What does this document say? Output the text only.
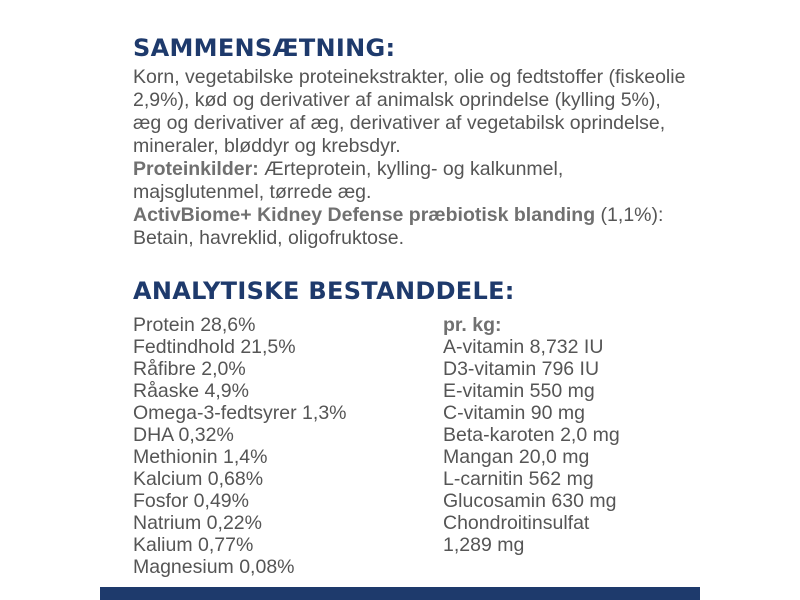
SAMMENSÆTNING:

Korn, vegetabilske proteinekstrakter, olie og fedtstoffer (fiskeolie 2,9%), kød og derivativer af animalsk oprindelse (kylling 5%), æg og derivativer af æg, derivativer af vegetabilsk oprindelse, mineraler, bløddyr og krebsdyr.

Proteinkilder: Ærteprotein, kylling- og kalkunmel, majsglutenmel, tørrede æg.

ActivBiome+ Kidney Defense præbiotisk blanding (1,1%): Betain, havreklid, oligofruktose.

ANALYTISKE BESTANDDELE:
Protein 28,6%
Fedtindhold 21,5%
Råfibre 2,0%
Råaske 4,9%
Omega-3-fedtsyrer 1,3%
DHA 0,32%
Methionin 1,4%
Kalcium 0,68%
Fosfor 0,49%
Natrium 0,22%
Kalium 0,77%
Magnesium 0,08%
pr. kg:
A-vitamin 8,732 IU
D3-vitamin 796 IU
E-vitamin 550 mg
C-vitamin 90 mg
Beta-karoten 2,0 mg
Mangan 20,0 mg
L-carnitin 562 mg
Glucosamin 630 mg
Chondroitinsulfat
1,289 mg
